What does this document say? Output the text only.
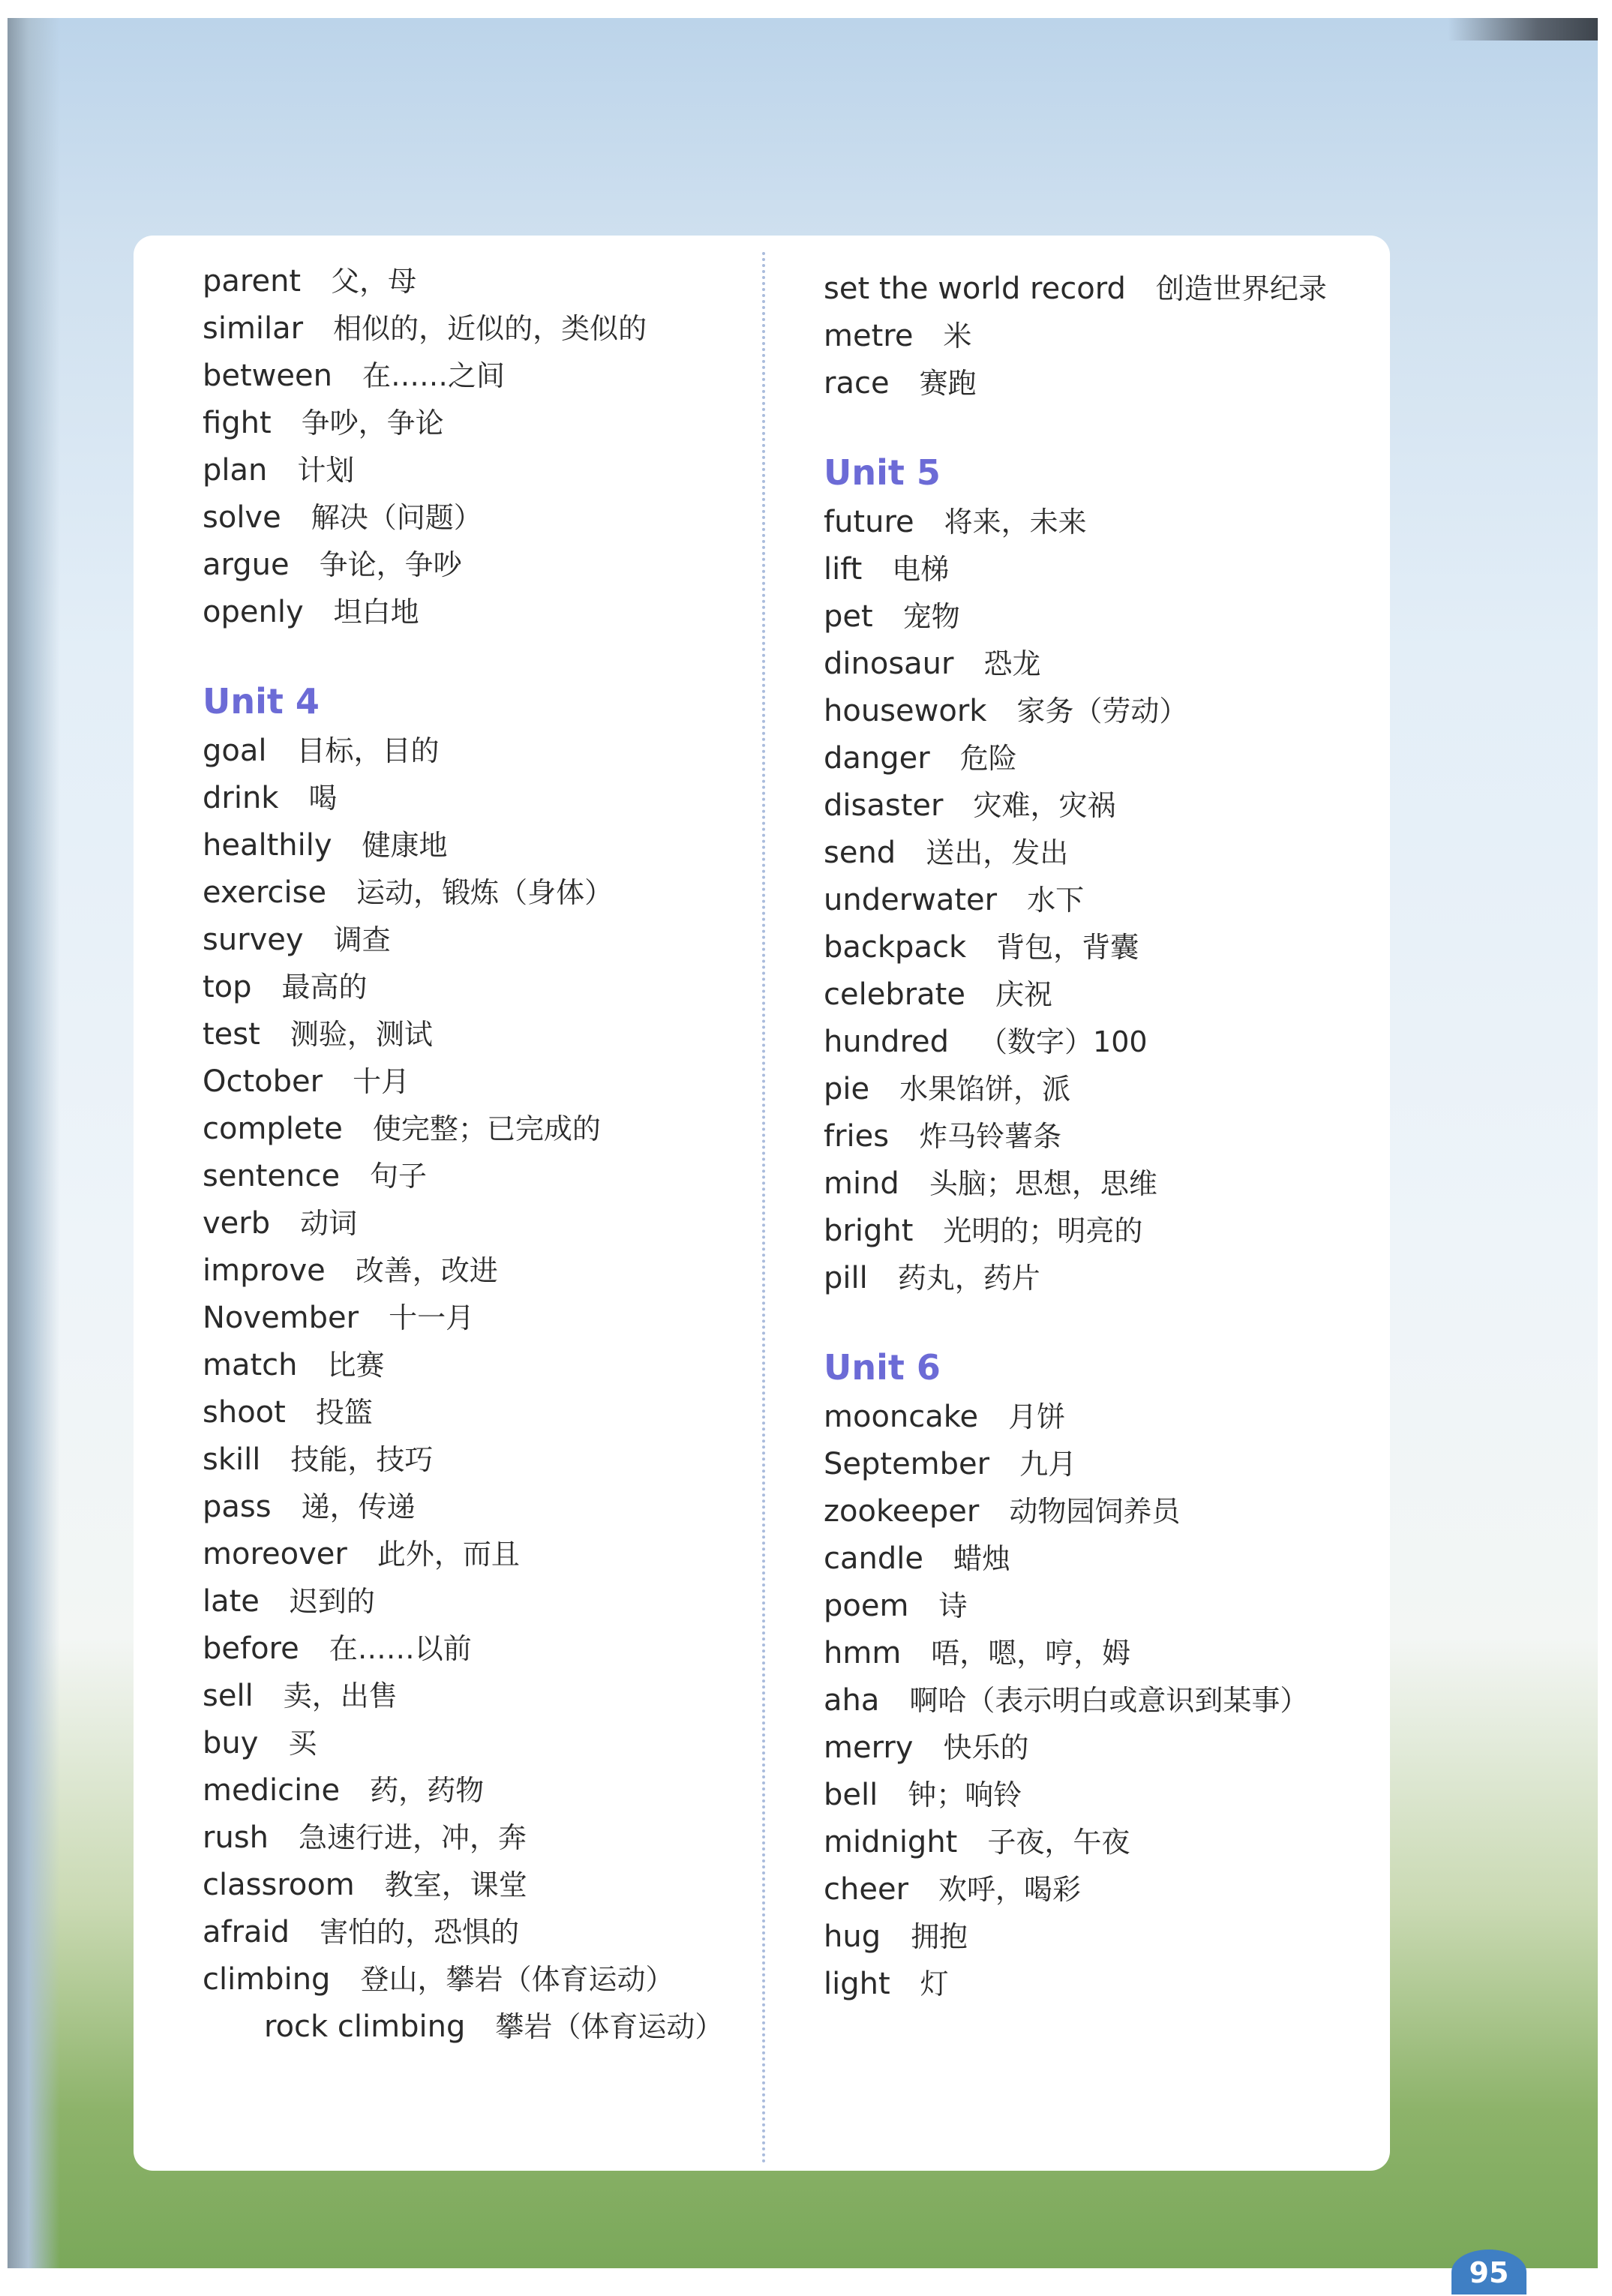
parent 父，母
similar 相似的，近似的，类似的
between 在……之间
fight 争吵，争论
plan 计划
solve 解决（问题）
argue 争论，争吵
openly 坦白地
Unit 4
goal 目标，目的
drink 喝
healthily 健康地
exercise 运动，锻炼（身体）
survey 调查
top 最高的
test 测验，测试
October 十月
complete 使完整；已完成的
sentence 句子
verb 动词
improve 改善，改进
November 十一月
match 比赛
shoot 投篮
skill 技能，技巧
pass 递，传递
moreover 此外，而且
late 迟到的
before 在……以前
sell 卖，出售
buy 买
medicine 药，药物
rush 急速行进，冲，奔
classroom 教室，课堂
afraid 害怕的，恐惧的
climbing 登山，攀岩（体育运动）
rock climbing 攀岩（体育运动）
set the world record 创造世界纪录
metre 米
race 赛跑
Unit 5
future 将来，未来
lift 电梯
pet 宠物
dinosaur 恐龙
housework 家务（劳动）
danger 危险
disaster 灾难，灾祸
send 送出，发出
underwater 水下
backpack 背包，背囊
celebrate 庆祝
hundred （数字）100
pie 水果馅饼，派
fries 炸马铃薯条
mind 头脑；思想，思维
bright 光明的；明亮的
pill 药丸，药片
Unit 6
mooncake 月饼
September 九月
zookeeper 动物园饲养员
candle 蜡烛
poem 诗
hmm 唔，嗯，哼，姆
aha 啊哈（表示明白或意识到某事）
merry 快乐的
bell 钟；响铃
midnight 子夜，午夜
cheer 欢呼，喝彩
hug 拥抱
light 灯
95
